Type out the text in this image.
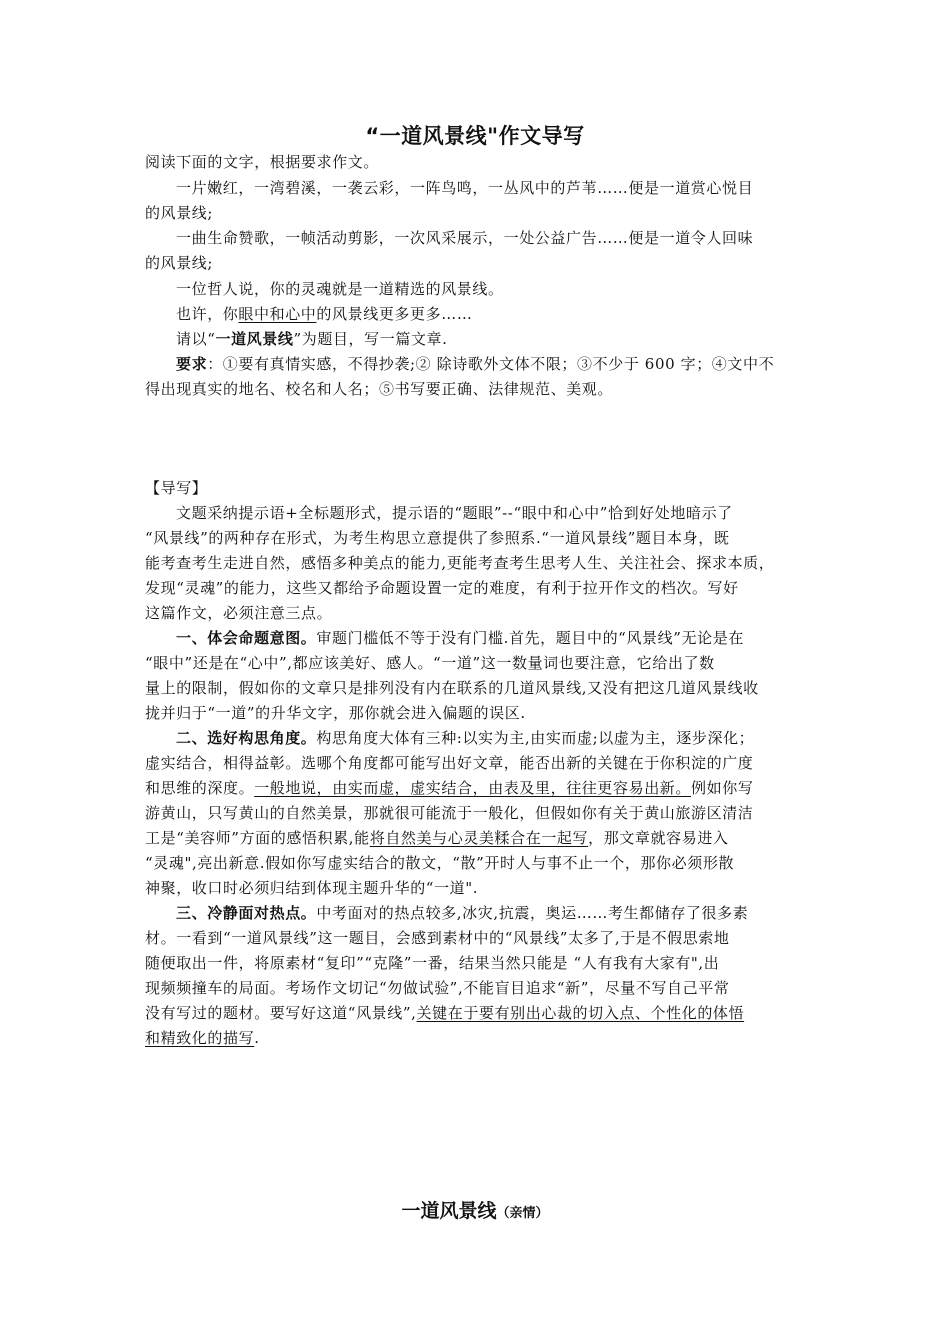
“一道风景线"作文导写
阅读下面的文字，根据要求作文。
一片嫩红，一湾碧溪，一袭云彩，一阵鸟鸣，一丛风中的芦苇……便是一道赏心悦目
的风景线;
一曲生命赞歌，一帧活动剪影，一次风采展示，一处公益广告……便是一道令人回味
的风景线;
一位哲人说，你的灵魂就是一道精选的风景线。
也许，你眼中和心中的风景线更多更多……
请以“一道风景线”为题目，写一篇文章.
要求：①要有真情实感，不得抄袭;② 除诗歌外文体不限；③不少于 600 字；④文中不
得出现真实的地名、校名和人名；⑤书写要正确、法律规范、美观。
【导写】
文题采纳提示语+全标题形式，提示语的“题眼”--“眼中和心中”恰到好处地暗示了
“风景线”的两种存在形式，为考生构思立意提供了参照系.“一道风景线”题目本身，既
能考查考生走进自然，感悟多种美点的能力,更能考查考生思考人生、关注社会、探求本质，
发现“灵魂”的能力，这些又都给予命题设置一定的难度，有利于拉开作文的档次。写好
这篇作文，必须注意三点。
一、体会命题意图。审题门槛低不等于没有门槛.首先，题目中的“风景线”无论是在
“眼中”还是在“心中”,都应该美好、感人。“一道”这一数量词也要注意，它给出了数
量上的限制，假如你的文章只是排列没有内在联系的几道风景线,又没有把这几道风景线收
拢并归于“一道”的升华文字，那你就会进入偏题的误区.
二、选好构思角度。构思角度大体有三种:以实为主,由实而虚;以虚为主，逐步深化；
虚实结合，相得益彰。选哪个角度都可能写出好文章，能否出新的关键在于你积淀的广度
和思维的深度。一般地说，由实而虚，虚实结合，由表及里，往往更容易出新。例如你写
游黄山，只写黄山的自然美景，那就很可能流于一般化，但假如你有关于黄山旅游区清洁
工是“美容师”方面的感悟积累,能将自然美与心灵美糅合在一起写，那文章就容易进入
“灵魂",亮出新意.假如你写虚实结合的散文，“散”开时人与事不止一个，那你必须形散
神聚，收口时必须归结到体现主题升华的“一道".
三、冷静面对热点。中考面对的热点较多,冰灾,抗震，奥运……考生都储存了很多素
材。一看到“一道风景线”这一题目，会感到素材中的“风景线”太多了,于是不假思索地
随便取出一件，将原素材“复印”“克隆”一番，结果当然只能是 “人有我有大家有",出
现频频撞车的局面。考场作文切记“勿做试验”,不能盲目追求“新”，尽量不写自己平常
没有写过的题材。要写好这道“风景线”,关键在于要有别出心裁的切入点、个性化的体悟
和精致化的描写.
一道风景线（亲情）
